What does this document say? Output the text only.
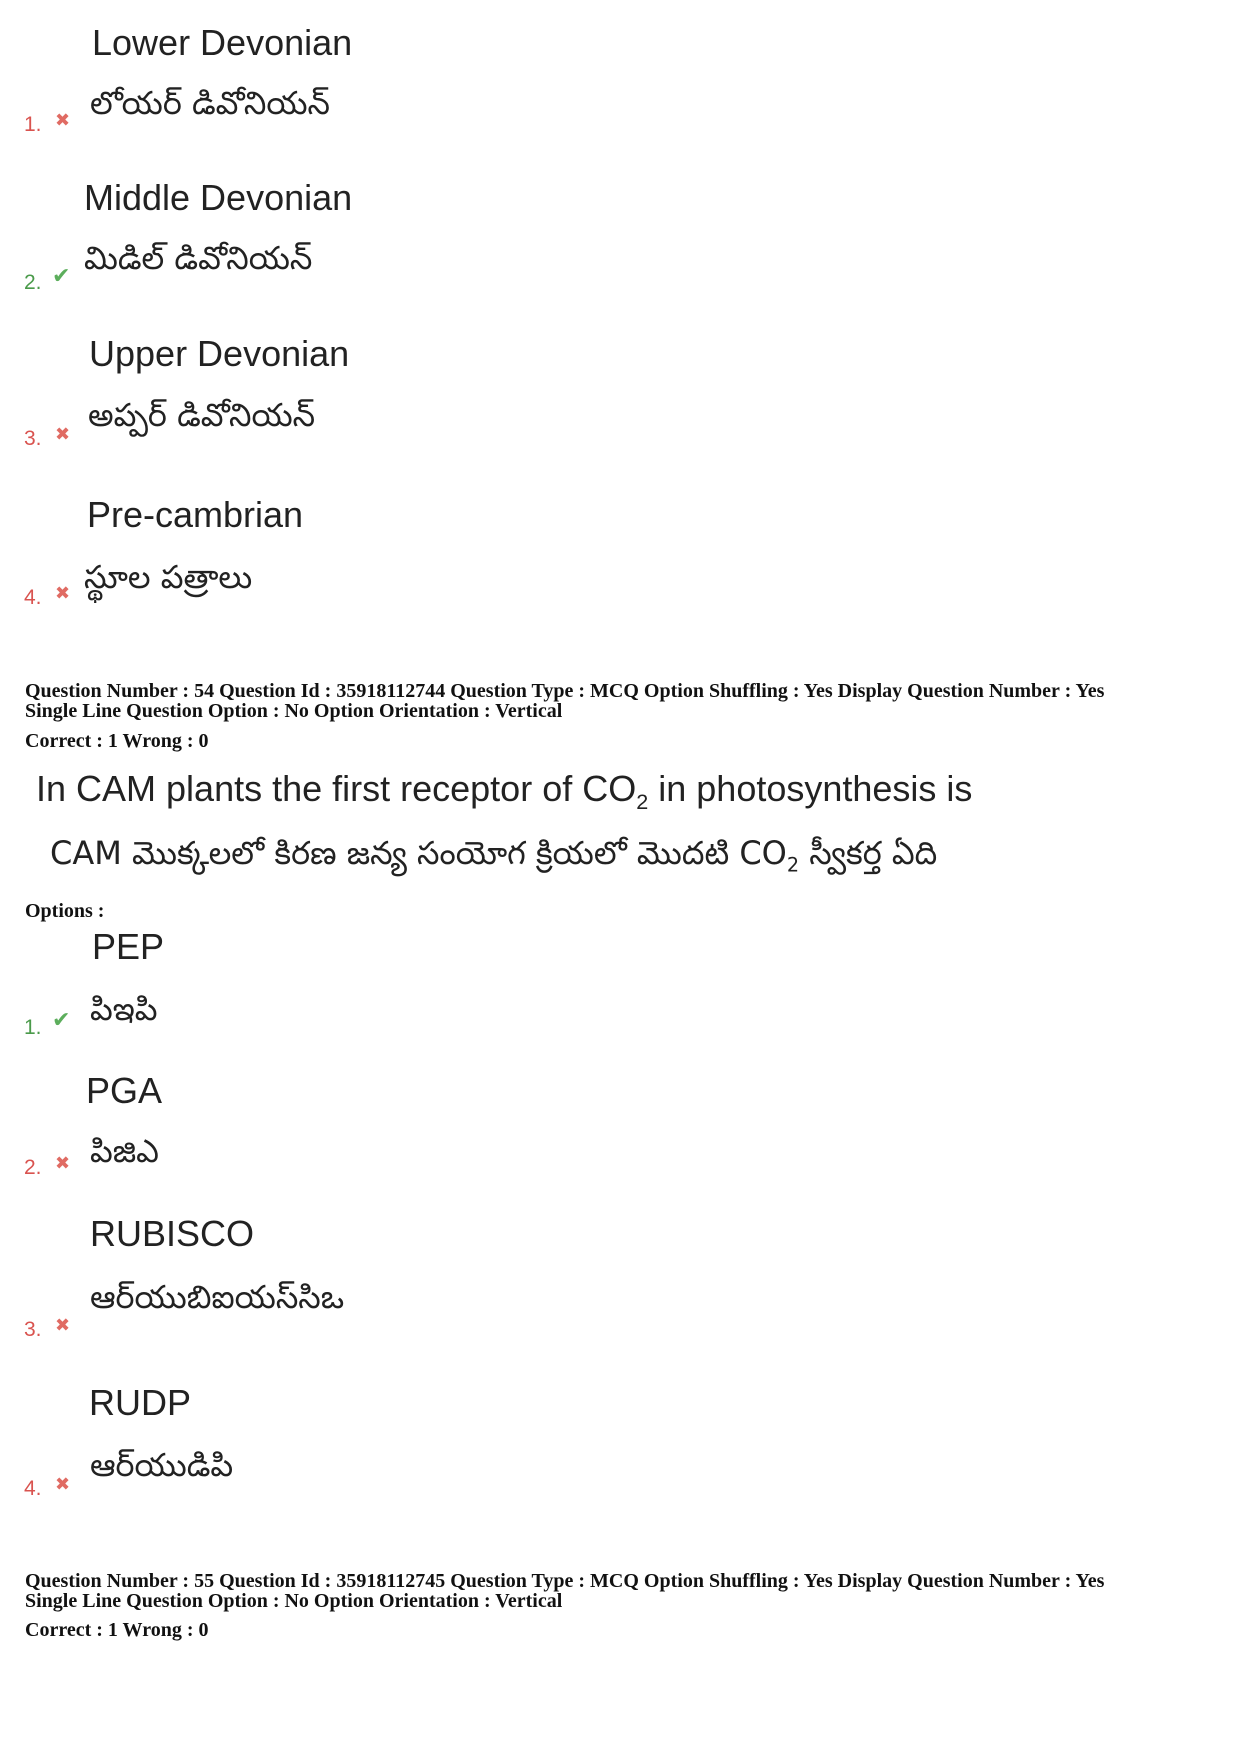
Lower Devonian
లోయర్ డివోనియన్
1. ✖
Middle Devonian
మిడిల్ డివోనియన్
2. ✔
Upper Devonian
అప్పర్ డివోనియన్
3. ✖
Pre-cambrian
స్థూల పత్రాలు
4. ✖
Question Number : 54 Question Id : 35918112744 Question Type : MCQ Option Shuffling : Yes Display Question Number : Yes
Single Line Question Option : No Option Orientation : Vertical
Correct : 1 Wrong : 0
In CAM plants the first receptor of $CO_2$ in photosynthesis is
CAM మొక్కలలో కిరణ జన్య సంయోగ క్రియలో మొదటి $CO_2$ స్వీకర్త ఏది
Options :
PEP
పిఇపి
1. ✔
PGA
పిజిఎ
2. ✖
RUBISCO
ఆర్‌యుబిఐయస్‌సిఒ
3. ✖
RUDP
ఆర్‌యుడిపి
4. ✖
Question Number : 55 Question Id : 35918112745 Question Type : MCQ Option Shuffling : Yes Display Question Number : Yes
Single Line Question Option : No Option Orientation : Vertical
Correct : 1 Wrong : 0
